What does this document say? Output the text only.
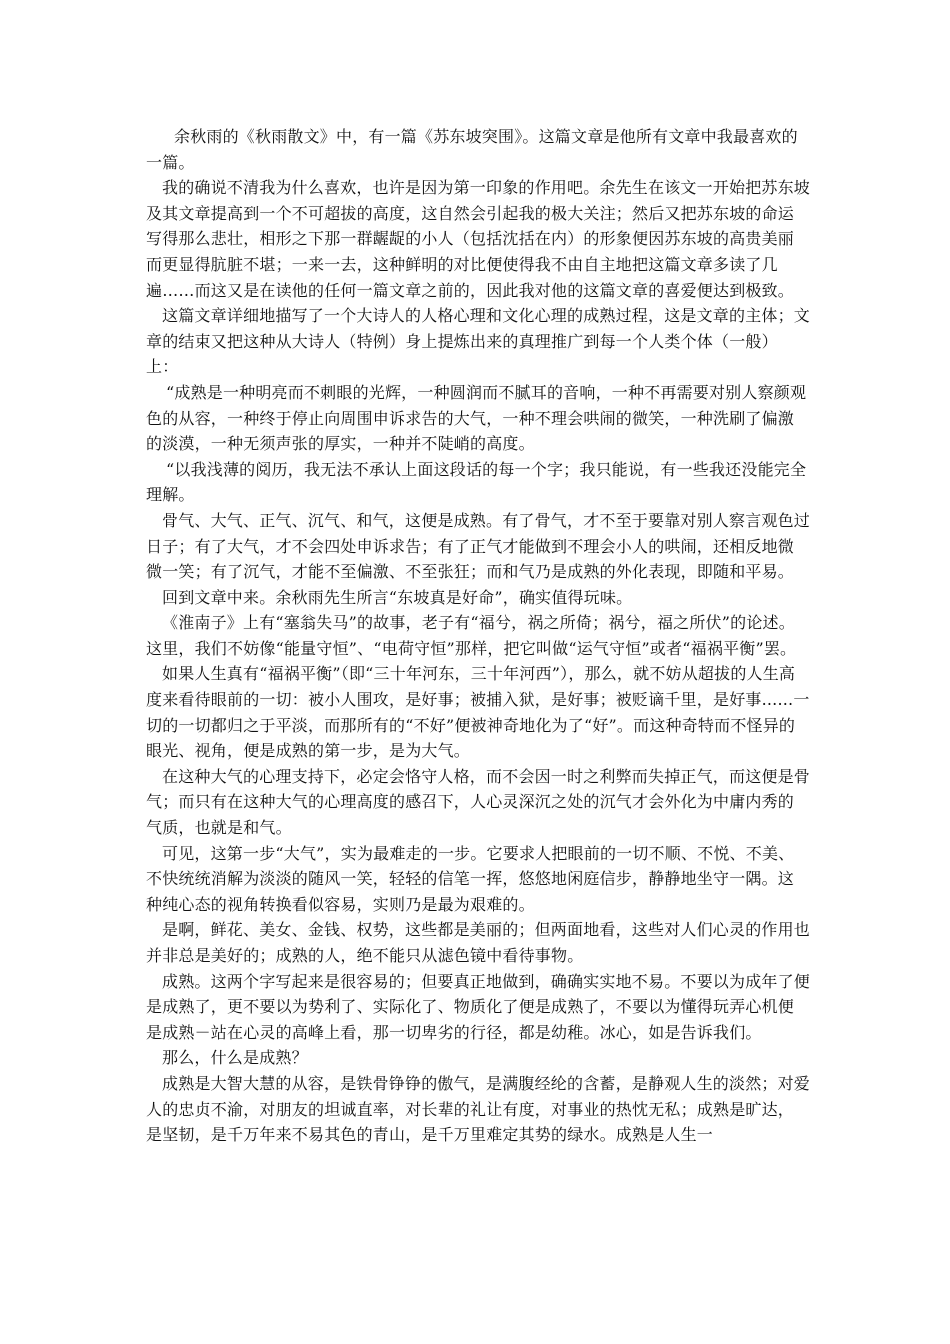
余秋雨的《秋雨散文》中，有一篇《苏东坡突围》。这篇文章是他所有文章中我最喜欢的一篇。

我的确说不清我为什么喜欢，也许是因为第一印象的作用吧。余先生在该文一开始把苏东坡及其文章提高到一个不可超拔的高度，这自然会引起我的极大关注；然后又把苏东坡的命运写得那么悲壮，相形之下那一群龌龊的小人（包括沈括在内）的形象便因苏东坡的高贵美丽而更显得肮脏不堪；一来一去，这种鲜明的对比便使得我不由自主地把这篇文章多读了几遍……而这又是在读他的任何一篇文章之前的，因此我对他的这篇文章的喜爱便达到极致。

这篇文章详细地描写了一个大诗人的人格心理和文化心理的成熟过程，这是文章的主体；文章的结束又把这种从大诗人（特例）身上提炼出来的真理推广到每一个人类个体（一般）上：

“成熟是一种明亮而不刺眼的光辉，一种圆润而不腻耳的音响，一种不再需要对别人察颜观色的从容，一种终于停止向周围申诉求告的大气，一种不理会哄闹的微笑，一种洗刷了偏激的淡漠，一种无须声张的厚实，一种并不陡峭的高度。

“以我浅薄的阅历，我无法不承认上面这段话的每一个字；我只能说，有一些我还没能完全理解。

骨气、大气、正气、沉气、和气，这便是成熟。有了骨气，才不至于要靠对别人察言观色过日子；有了大气，才不会四处申诉求告；有了正气才能做到不理会小人的哄闹，还相反地微微一笑；有了沉气，才能不至偏激、不至张狂；而和气乃是成熟的外化表现，即随和平易。

回到文章中来。余秋雨先生所言“东坡真是好命”，确实值得玩味。

《淮南子》上有“塞翁失马”的故事，老子有“福兮，祸之所倚；祸兮，福之所伏”的论述。这里，我们不妨像“能量守恒”、“电荷守恒”那样，把它叫做“运气守恒”或者“福祸平衡”罢。

如果人生真有“福祸平衡”（即“三十年河东，三十年河西”），那么，就不妨从超拔的人生高度来看待眼前的一切：被小人围攻，是好事；被捕入狱，是好事；被贬谪千里，是好事......一切的一切都归之于平淡，而那所有的“不好”便被神奇地化为了“好”。而这种奇特而不怪异的眼光、视角，便是成熟的第一步，是为大气。

在这种大气的心理支持下，必定会恪守人格，而不会因一时之利弊而失掉正气，而这便是骨气；而只有在这种大气的心理高度的感召下，人心灵深沉之处的沉气才会外化为中庸内秀的气质，也就是和气。

可见，这第一步“大气”，实为最难走的一步。它要求人把眼前的一切不顺、不悦、不美、不快统统消解为淡淡的随风一笑，轻轻的信笔一挥，悠悠地闲庭信步，静静地坐守一隅。这种纯心态的视角转换看似容易，实则乃是最为艰难的。

是啊，鲜花、美女、金钱、权势，这些都是美丽的；但两面地看，这些对人们心灵的作用也并非总是美好的；成熟的人，绝不能只从滤色镜中看待事物。

成熟。这两个字写起来是很容易的；但要真正地做到，确确实实地不易。不要以为成年了便是成熟了，更不要以为势利了、实际化了、物质化了便是成熟了，不要以为懂得玩弄心机便是成熟－站在心灵的高峰上看，那一切卑劣的行径，都是幼稚。冰心，如是告诉我们。

那么，什么是成熟？

成熟是大智大慧的从容，是铁骨铮铮的傲气，是满腹经纶的含蓄，是静观人生的淡然；对爱人的忠贞不渝，对朋友的坦诚直率，对长辈的礼让有度，对事业的热忱无私；成熟是旷达，是坚韧，是千万年来不易其色的青山，是千万里难定其势的绿水。成熟是人生一
